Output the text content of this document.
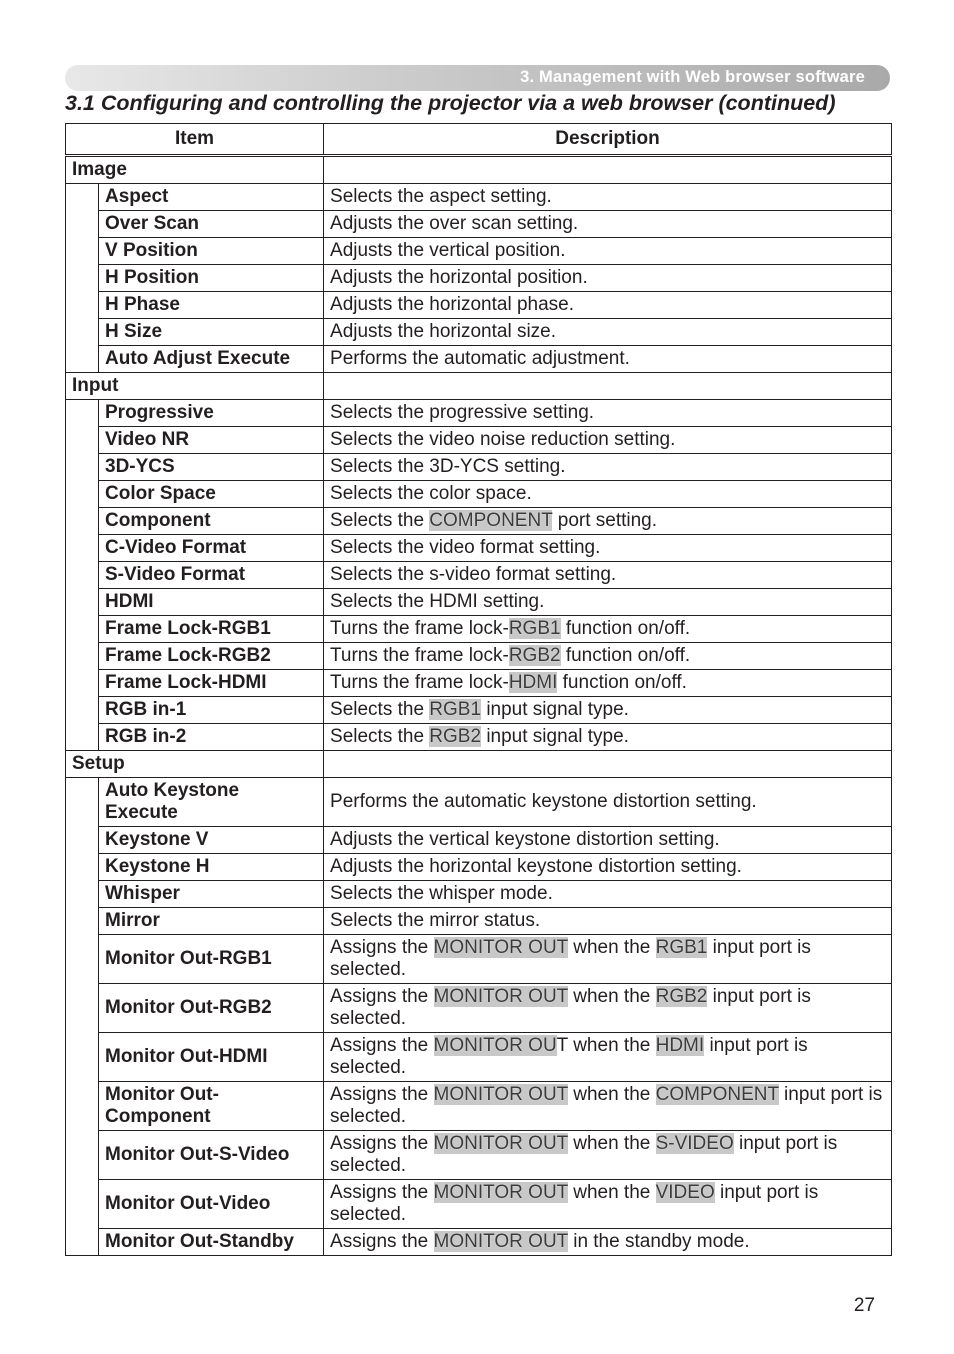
3. Management with Web browser software
3.1 Configuring and controlling the projector via a web browser (continued)
Item		Description
Image		
	Aspect	Selects the aspect setting.
	Over Scan	Adjusts the over scan setting.
	V Position	Adjusts the vertical position.
	H Position	Adjusts the horizontal position.
	H Phase	Adjusts the horizontal phase.
	H Size	Adjusts the horizontal size.
	Auto Adjust Execute	Performs the automatic adjustment.
Input		
	Progressive	Selects the progressive setting.
	Video NR	Selects the video noise reduction setting.
	3D-YCS	Selects the 3D-YCS setting.
	Color Space	Selects the color space.
	Component	Selects the COMPONENT port setting.
	C-Video Format	Selects the video format setting.
	S-Video Format	Selects the s-video format setting.
	HDMI	Selects the HDMI setting.
	Frame Lock-RGB1	Turns the frame lock-RGB1 function on/off.
	Frame Lock-RGB2	Turns the frame lock-RGB2 function on/off.
	Frame Lock-HDMI	Turns the frame lock-HDMI function on/off.
	RGB in-1	Selects the RGB1 input signal type.
	RGB in-2	Selects the RGB2 input signal type.
Setup		
	Auto Keystone Execute	Performs the automatic keystone distortion setting.
	Keystone V	Adjusts the vertical keystone distortion setting.
	Keystone H	Adjusts the horizontal keystone distortion setting.
	Whisper	Selects the whisper mode.
	Mirror	Selects the mirror status.
	Monitor Out-RGB1	Assigns the MONITOR OUT when the RGB1 input port is selected.
	Monitor Out-RGB2	Assigns the MONITOR OUT when the RGB2 input port is selected.
	Monitor Out-HDMI	Assigns the MONITOR OUT when the HDMI input port is selected.
	Monitor Out-Component	Assigns the MONITOR OUT when the COMPONENT input port is selected.
	Monitor Out-S-Video	Assigns the MONITOR OUT when the S-VIDEO input port is selected.
	Monitor Out-Video	Assigns the MONITOR OUT when the VIDEO input port is selected.
	Monitor Out-Standby	Assigns the MONITOR OUT in the standby mode.
27
